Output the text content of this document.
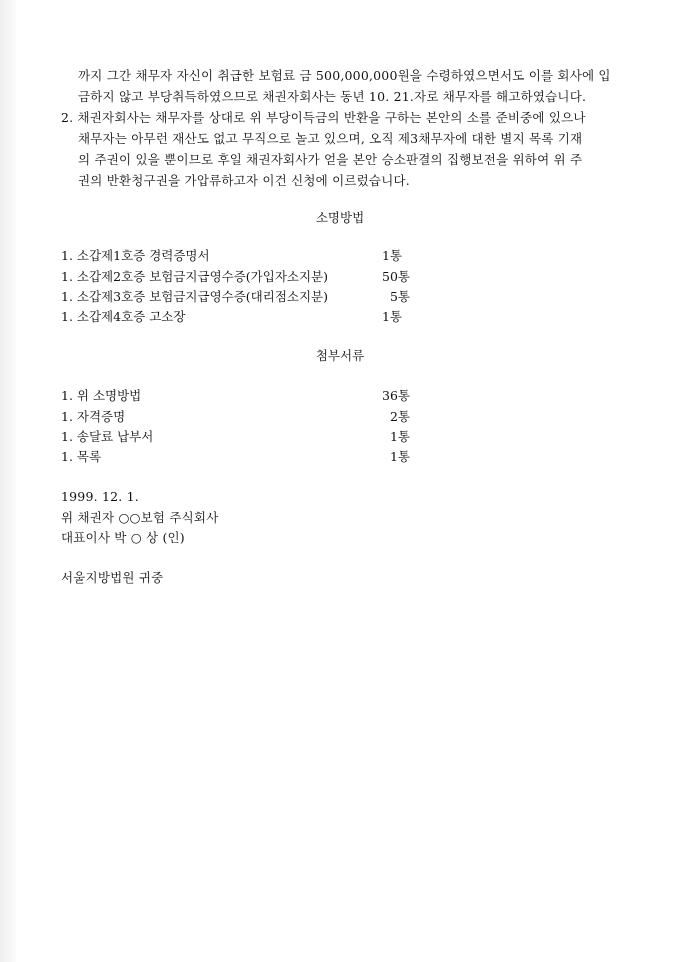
까지 그간 채무자 자신이 취급한 보험료 금 500,000,000원을 수령하였으면서도 이를 회사에 입
금하지 않고 부당취득하였으므로 채권자회사는 동년 10. 21.자로 채무자를 해고하였습니다.
2. 채권자회사는 채무자를 상대로 위 부당이득금의 반환을 구하는 본안의 소를 준비중에 있으나
채무자는 아무런 재산도 없고 무직으로 놀고 있으며, 오직 제3채무자에 대한 별지 목록 기재
의 주권이 있을 뿐이므로 후일 채권자회사가 얻을 본안 승소판결의 집행보전을 위하여 위 주
권의 반환청구권을 가압류하고자 이건 신청에 이르렀습니다.
소명방법
1. 소갑제1호증 경력증명서	1통
1. 소갑제2호증 보험금지급영수증(가입자소지분)	50통
1. 소갑제3호증 보험금지급영수증(대리점소지분)	5통
1. 소갑제4호증 고소장	1통
첨부서류
1. 위 소명방법	36통
1. 자격증명	2통
1. 송달료 납부서	1통
1. 목록	1통
1999. 12. 1.
위 채권자 ○○보험 주식회사
대표이사 박 ○ 상 (인)
서울지방법원 귀중
